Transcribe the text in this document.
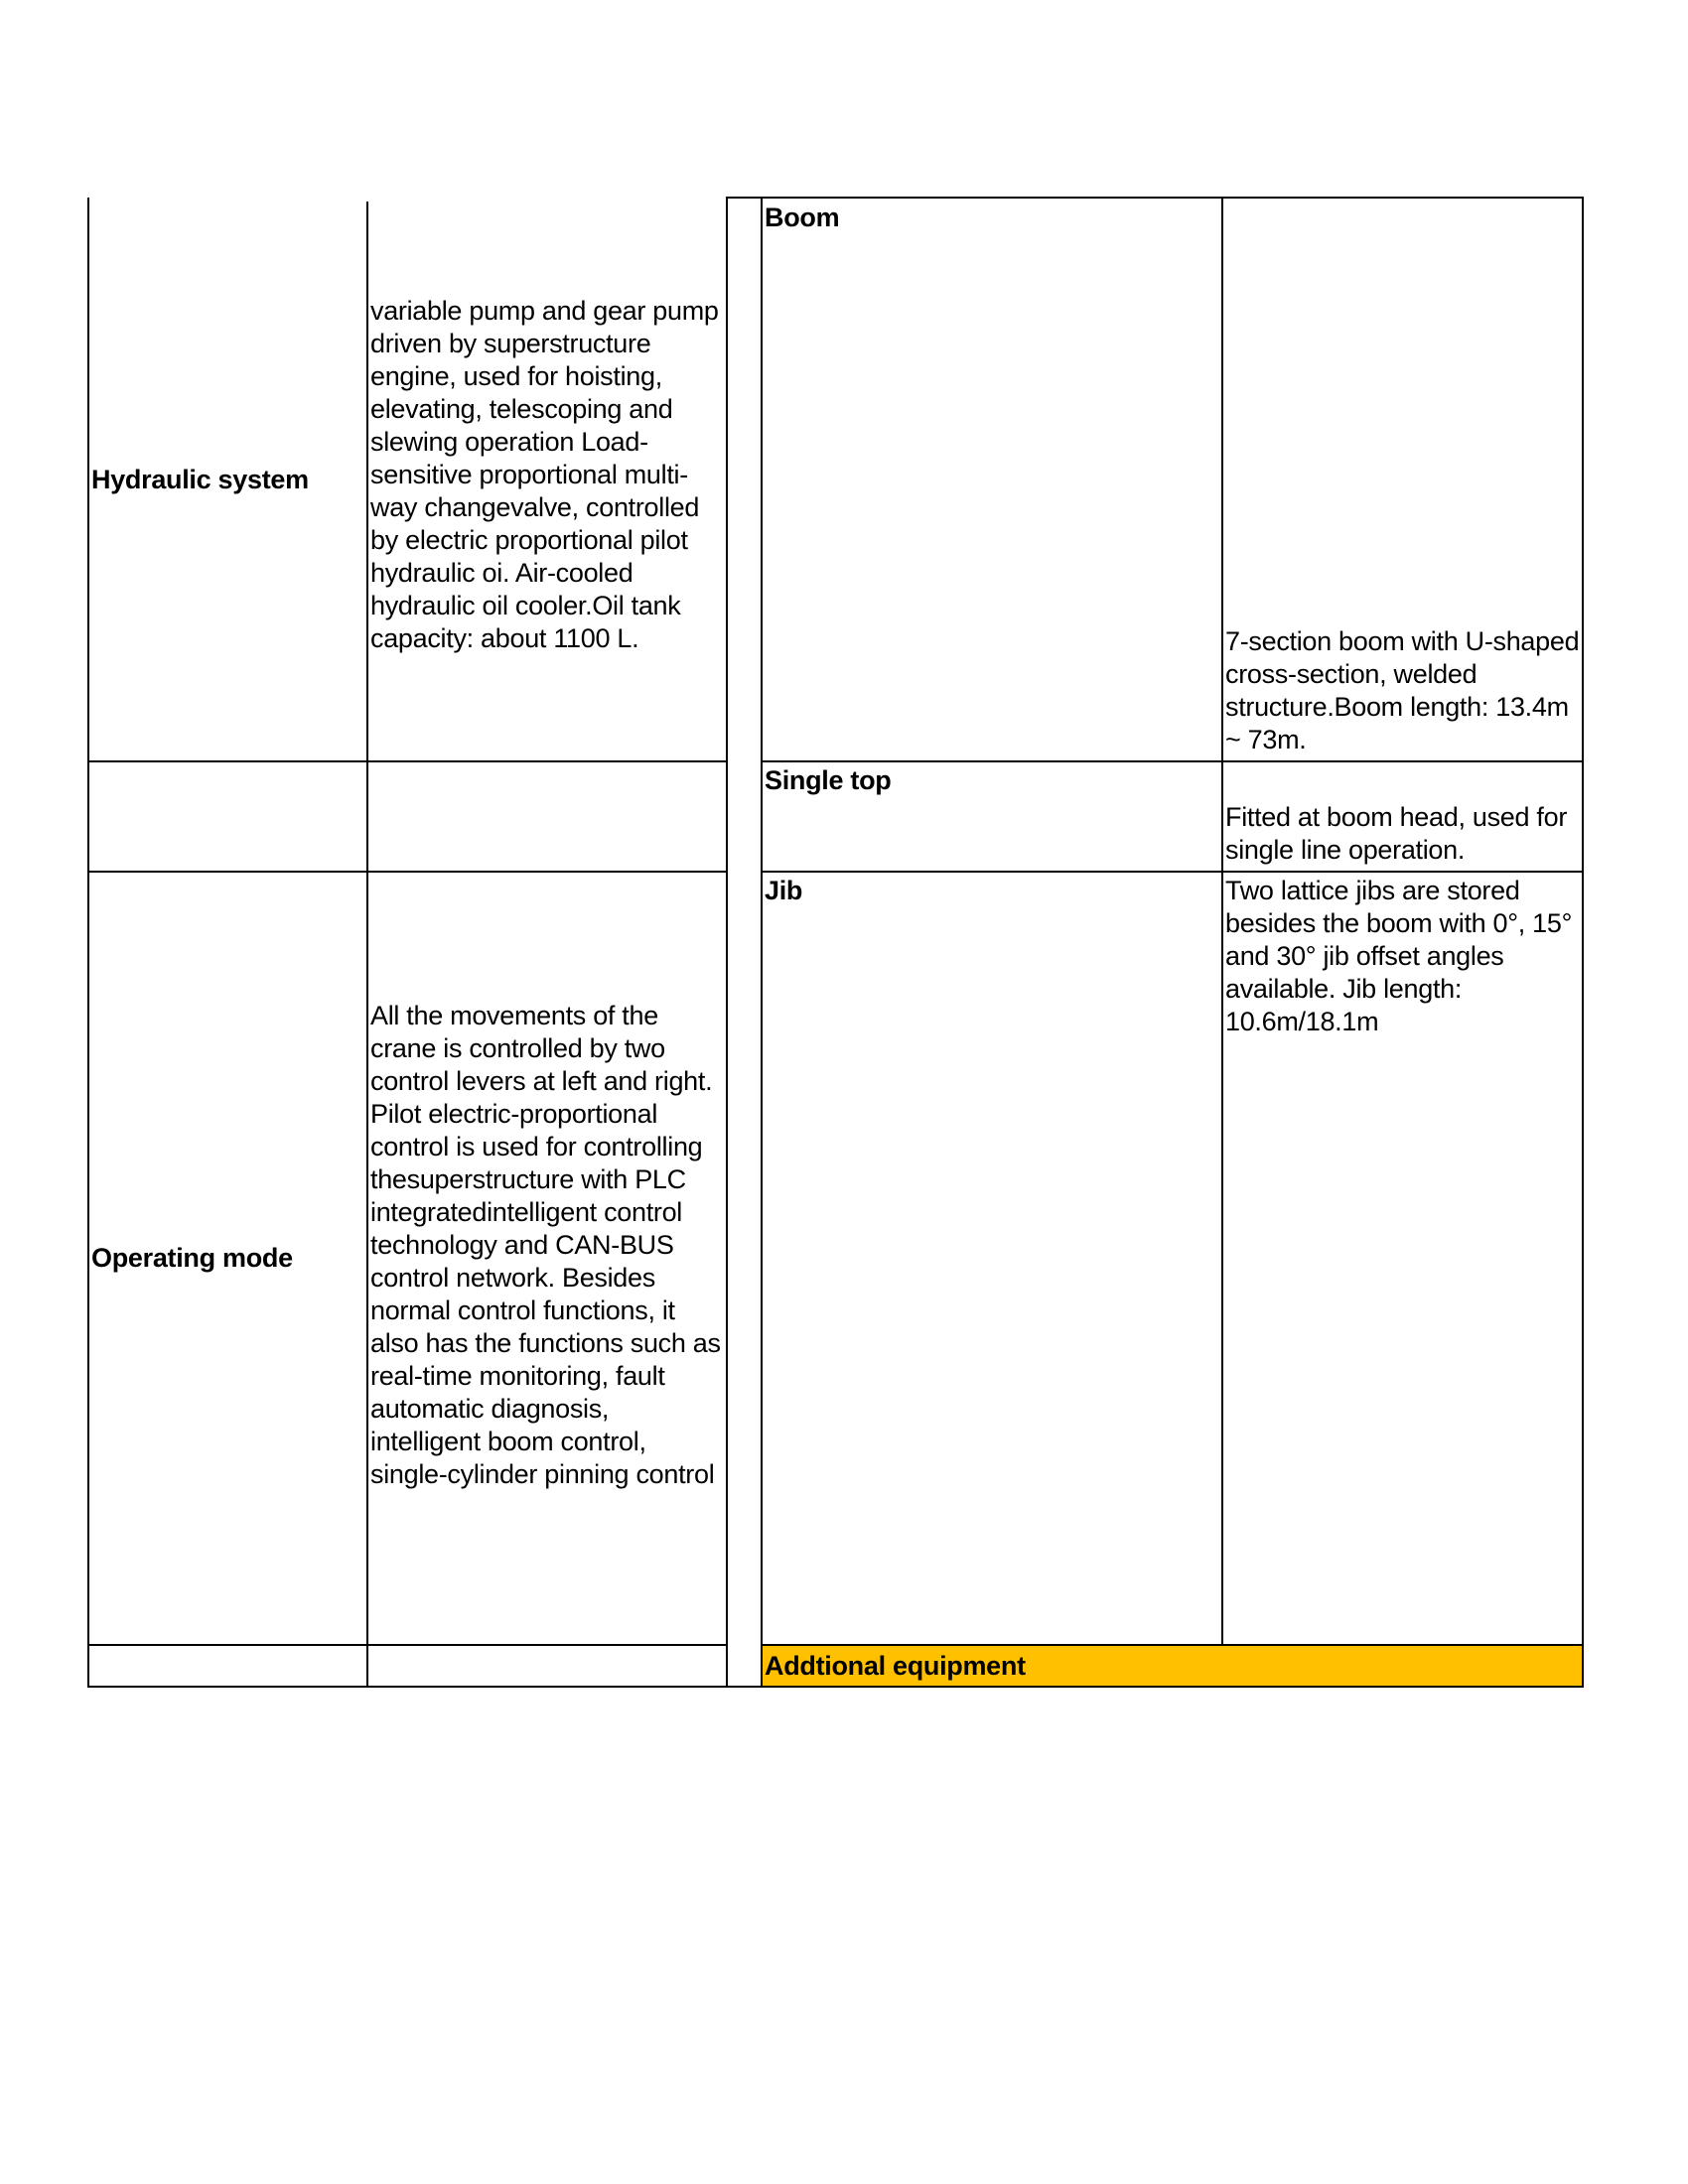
Hydraulic system
variable pump and gear pump driven by superstructure engine, used for hoisting, elevating, telescoping and slewing operation Load-sensitive proportional multi-way changevalve, controlled by electric proportional pilot hydraulic oi. Air-cooled hydraulic oil cooler.Oil tank capacity: about 1100 L.
Operating mode
All the movements of the crane is controlled by two control levers at left and right. Pilot electric-proportional control is used for controlling thesuperstructure with PLC integratedintelligent control technology and CAN-BUS control network. Besides normal control functions, it also has the functions such as real-time monitoring, fault automatic diagnosis, intelligent boom control, single-cylinder pinning control
Boom
7-section boom with U-shaped cross-section, welded structure.Boom length: 13.4m ~ 73m.
Single top
Fitted at boom head, used for single line operation.
Jib	Two lattice jibs are stored besides the boom with 0°, 15° and 30° jib offset angles available. Jib length: 10.6m/18.1m
Addtional equipment
